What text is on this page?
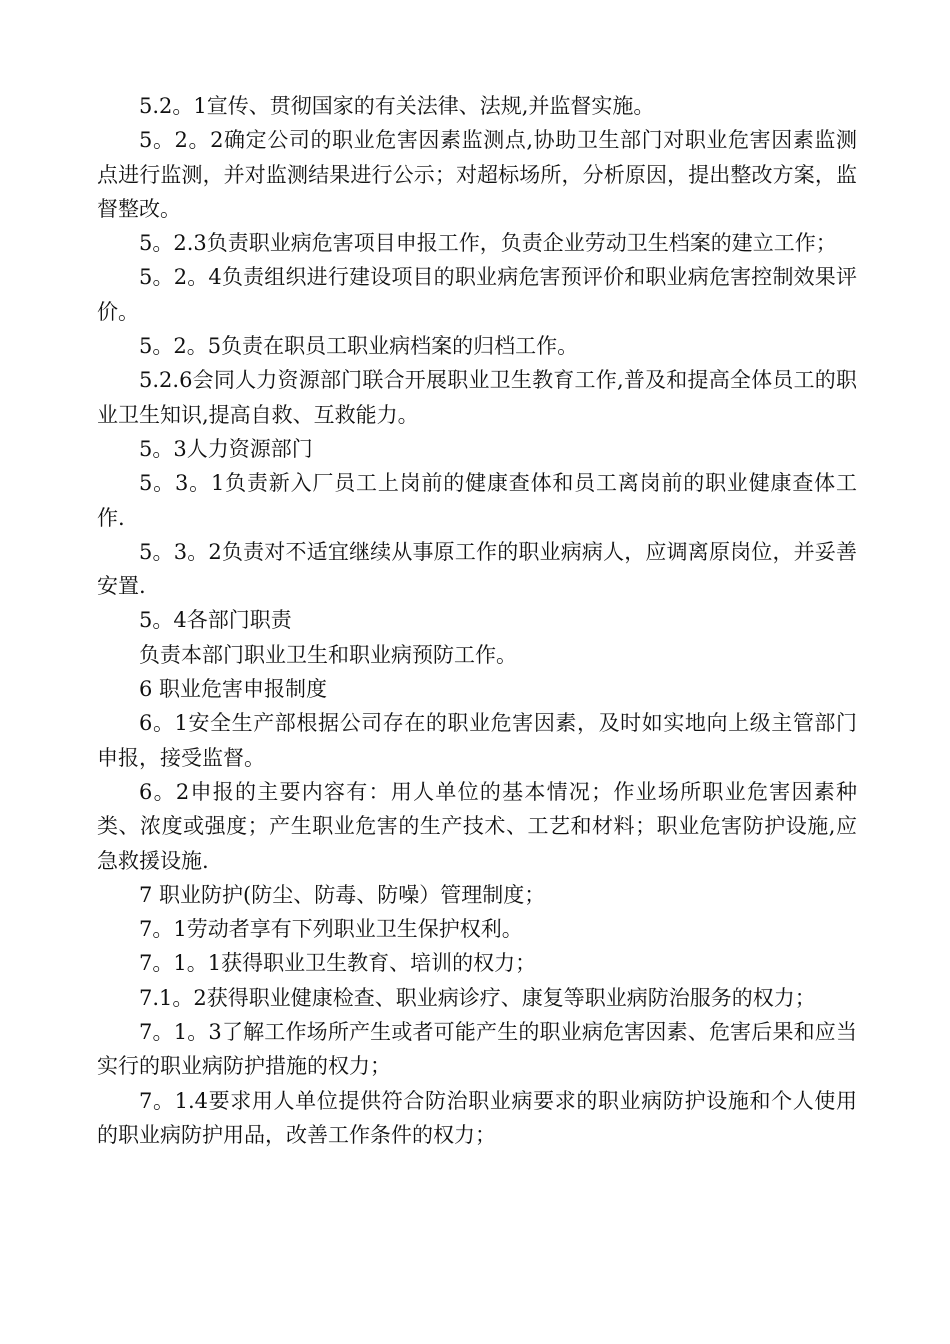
5.2。1宣传、贯彻国家的有关法律、法规,并监督实施。

5。2。2确定公司的职业危害因素监测点,协助卫生部门对职业危害因素监测点进行监测，并对监测结果进行公示；对超标场所，分析原因，提出整改方案，监督整改。

5。2.3负责职业病危害项目申报工作，负责企业劳动卫生档案的建立工作；

5。2。4负责组织进行建设项目的职业病危害预评价和职业病危害控制效果评价。

5。2。5负责在职员工职业病档案的归档工作。

5.2.6会同人力资源部门联合开展职业卫生教育工作,普及和提高全体员工的职业卫生知识,提高自救、互救能力。

5。3人力资源部门

5。3。1负责新入厂员工上岗前的健康查体和员工离岗前的职业健康查体工作.

5。3。2负责对不适宜继续从事原工作的职业病病人，应调离原岗位，并妥善安置.

5。4各部门职责

负责本部门职业卫生和职业病预防工作。

6 职业危害申报制度

6。1安全生产部根据公司存在的职业危害因素，及时如实地向上级主管部门申报，接受监督。

6。2申报的主要内容有：用人单位的基本情况；作业场所职业危害因素种类、浓度或强度；产生职业危害的生产技术、工艺和材料；职业危害防护设施,应急救援设施.

7 职业防护(防尘、防毒、防噪）管理制度；

7。1劳动者享有下列职业卫生保护权利。

7。1。1获得职业卫生教育、培训的权力；

7.1。2获得职业健康检查、职业病诊疗、康复等职业病防治服务的权力；

7。1。3了解工作场所产生或者可能产生的职业病危害因素、危害后果和应当实行的职业病防护措施的权力；

7。1.4要求用人单位提供符合防治职业病要求的职业病防护设施和个人使用的职业病防护用品，改善工作条件的权力；
